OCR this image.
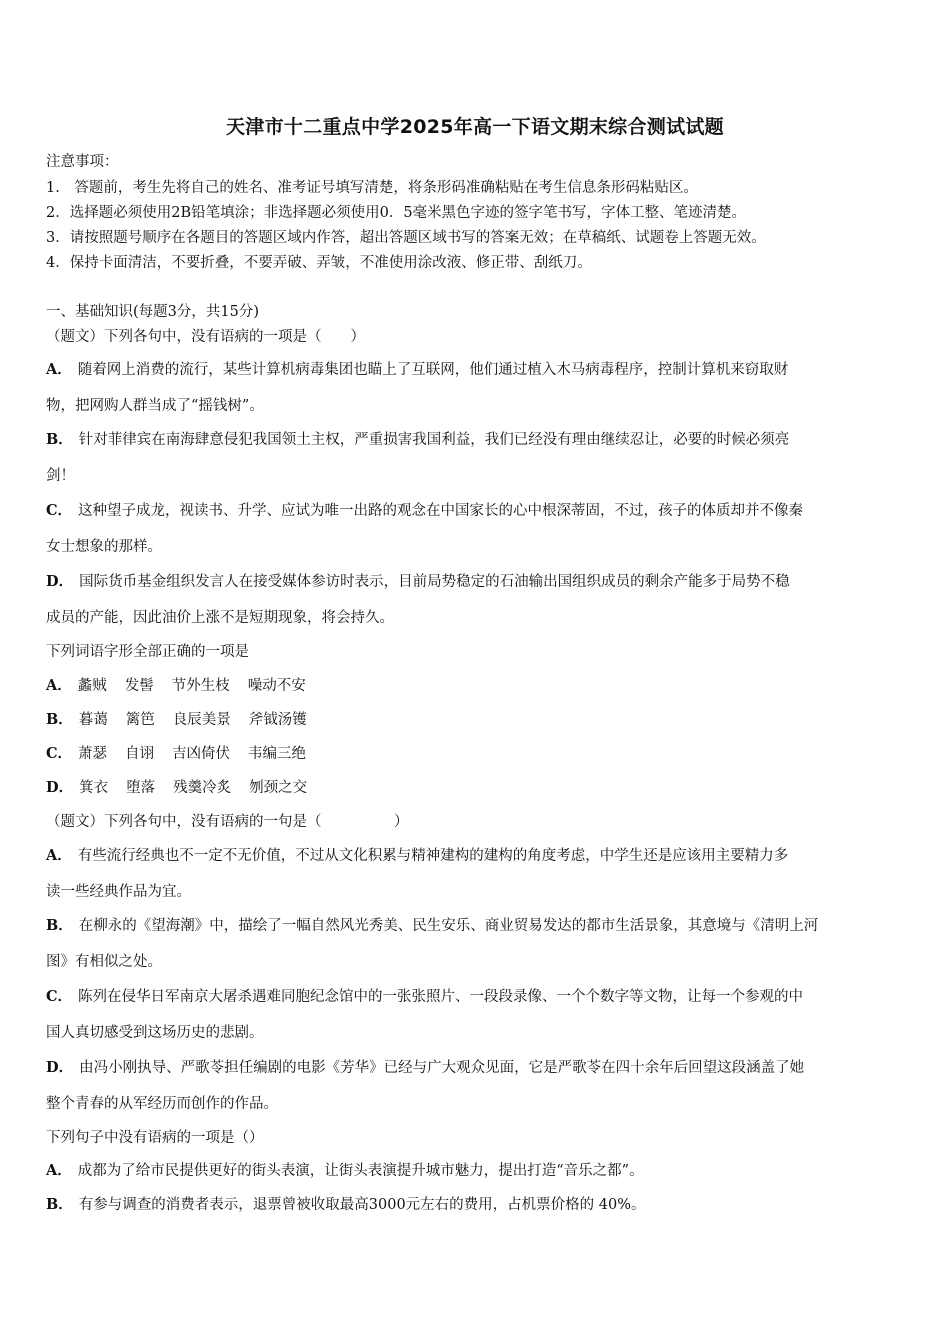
天津市十二重点中学2025年高一下语文期末综合测试试题
注意事项：
1.　答题前，考生先将自己的姓名、准考证号填写清楚，将条形码准确粘贴在考生信息条形码粘贴区。
2．选择题必须使用2B铅笔填涂；非选择题必须使用0．5毫米黑色字迹的签字笔书写，字体工整、笔迹清楚。
3．请按照题号顺序在各题目的答题区域内作答，超出答题区域书写的答案无效；在草稿纸、试题卷上答题无效。
4．保持卡面清洁，不要折叠，不要弄破、弄皱，不准使用涂改液、修正带、刮纸刀。
一、基础知识(每题3分，共15分)
（题文）下列各句中，没有语病的一项是（　　）
A． 随着网上消费的流行，某些计算机病毒集团也瞄上了互联网，他们通过植入木马病毒程序，控制计算机来窃取财
物，把网购人群当成了“摇钱树”。
B． 针对菲律宾在南海肆意侵犯我国领土主权，严重损害我国利益，我们已经没有理由继续忍让，必要的时候必须亮
剑！
C． 这种望子成龙，视读书、升学、应试为唯一出路的观念在中国家长的心中根深蒂固，不过，孩子的体质却并不像秦
女士想象的那样。
D． 国际货币基金组织发言人在接受媒体参访时表示，目前局势稳定的石油输出国组织成员的剩余产能多于局势不稳
成员的产能，因此油价上涨不是短期现象，将会持久。
下列词语字形全部正确的一项是
A． 蠡贼 发髻 节外生枝 噪动不安
B． 暮蔼 篱笆 良辰美景 斧钺汤镬
C． 萧瑟 自诩 吉凶倚伏 韦编三绝
D． 箕衣 堕落 残羹冷炙 刎颈之交
（题文）下列各句中，没有语病的一句是（　　　　　）
A． 有些流行经典也不一定不无价值，不过从文化积累与精神建构的建构的角度考虑，中学生还是应该用主要精力多
读一些经典作品为宜。
B． 在柳永的《望海潮》中，描绘了一幅自然风光秀美、民生安乐、商业贸易发达的都市生活景象，其意境与《清明上河
图》有相似之处。
C． 陈列在侵华日军南京大屠杀遇难同胞纪念馆中的一张张照片、一段段录像、一个个数字等文物，让每一个参观的中
国人真切感受到这场历史的悲剧。
D． 由冯小刚执导、严歌苓担任编剧的电影《芳华》已经与广大观众见面，它是严歌苓在四十余年后回望这段涵盖了她
整个青春的从军经历而创作的作品。
下列句子中没有语病的一项是（）
A． 成都为了给市民提供更好的街头表演，让街头表演提升城市魅力，提出打造“音乐之都”。
B． 有参与调查的消费者表示，退票曾被收取最高3000元左右的费用，占机票价格的 40%。
